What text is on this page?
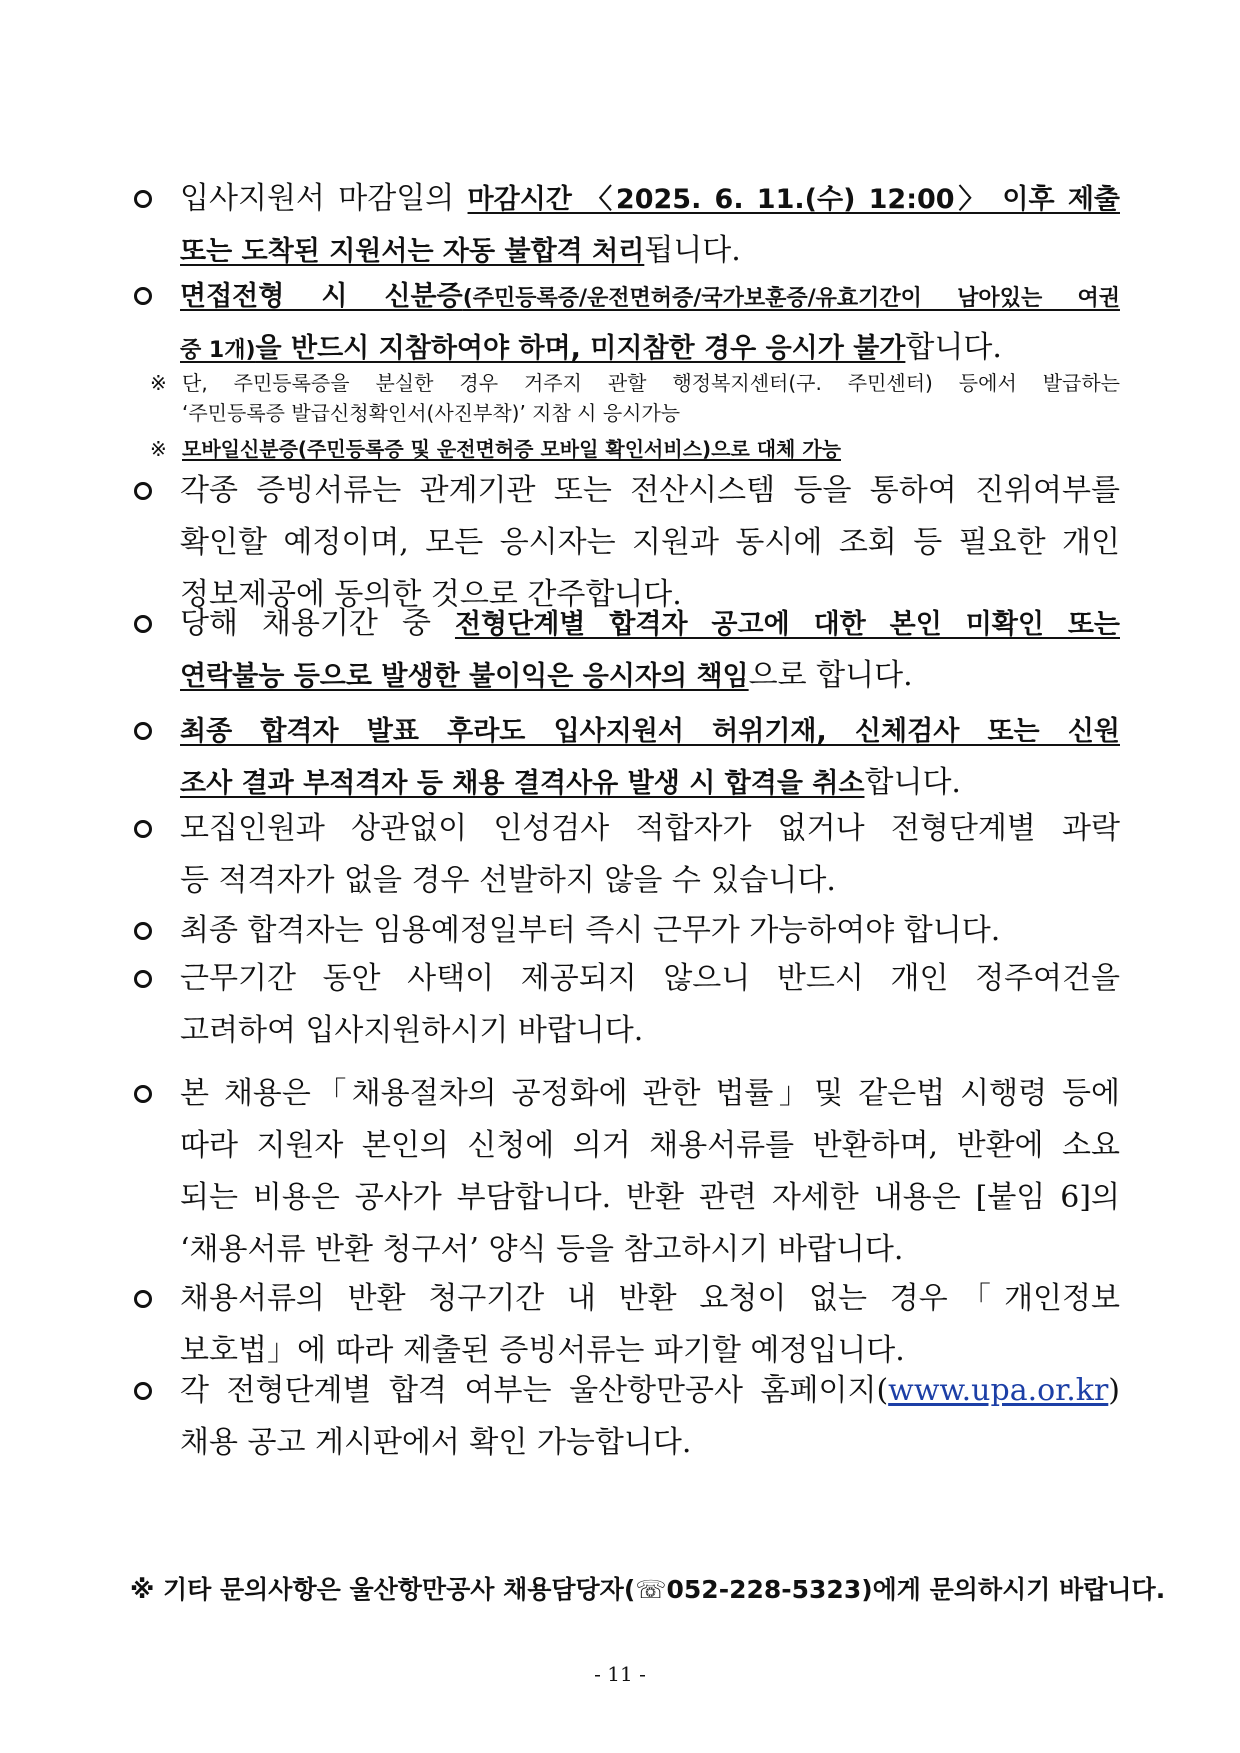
입사지원서 마감일의 마감시간 〈2025. 6. 11.(수) 12:00〉 이후 제출
또는 도착된 지원서는 자동 불합격 처리됩니다.
면접전형 시 신분증(주민등록증/운전면허증/국가보훈증/유효기간이 남아있는 여권
중 1개)을 반드시 지참하여야 하며, 미지참한 경우 응시가 불가합니다.
각종 증빙서류는 관계기관 또는 전산시스템 등을 통하여 진위여부를
확인할 예정이며, 모든 응시자는 지원과 동시에 조회 등 필요한 개인
정보제공에 동의한 것으로 간주합니다.
당해 채용기간 중 전형단계별 합격자 공고에 대한 본인 미확인 또는
연락불능 등으로 발생한 불이익은 응시자의 책임으로 합니다.
최종 합격자 발표 후라도 입사지원서 허위기재, 신체검사 또는 신원
조사 결과 부적격자 등 채용 결격사유 발생 시 합격을 취소합니다.
모집인원과 상관없이 인성검사 적합자가 없거나 전형단계별 과락
등 적격자가 없을 경우 선발하지 않을 수 있습니다.
최종 합격자는 임용예정일부터 즉시 근무가 가능하여야 합니다.
근무기간 동안 사택이 제공되지 않으니 반드시 개인 정주여건을
고려하여 입사지원하시기 바랍니다.
본 채용은「채용절차의 공정화에 관한 법률」및 같은법 시행령 등에
따라 지원자 본인의 신청에 의거 채용서류를 반환하며, 반환에 소요
되는 비용은 공사가 부담합니다. 반환 관련 자세한 내용은 [붙임 6]의
‘채용서류 반환 청구서’ 양식 등을 참고하시기 바랍니다.
채용서류의 반환 청구기간 내 반환 요청이 없는 경우「개인정보
보호법」에 따라 제출된 증빙서류는 파기할 예정입니다.
각 전형단계별 합격 여부는 울산항만공사 홈페이지(www.upa.or.kr)
채용 공고 게시판에서 확인 가능합니다.
※ 단, 주민등록증을 분실한 경우 거주지 관할 행정복지센터(구. 주민센터) 등에서 발급하는
‘주민등록증 발급신청확인서(사진부착)’ 지참 시 응시가능
※ 모바일신분증(주민등록증 및 운전면허증 모바일 확인서비스)으로 대체 가능
※ 기타 문의사항은 울산항만공사 채용담당자(☏052-228-5323)에게 문의하시기 바랍니다.
- 11 -
